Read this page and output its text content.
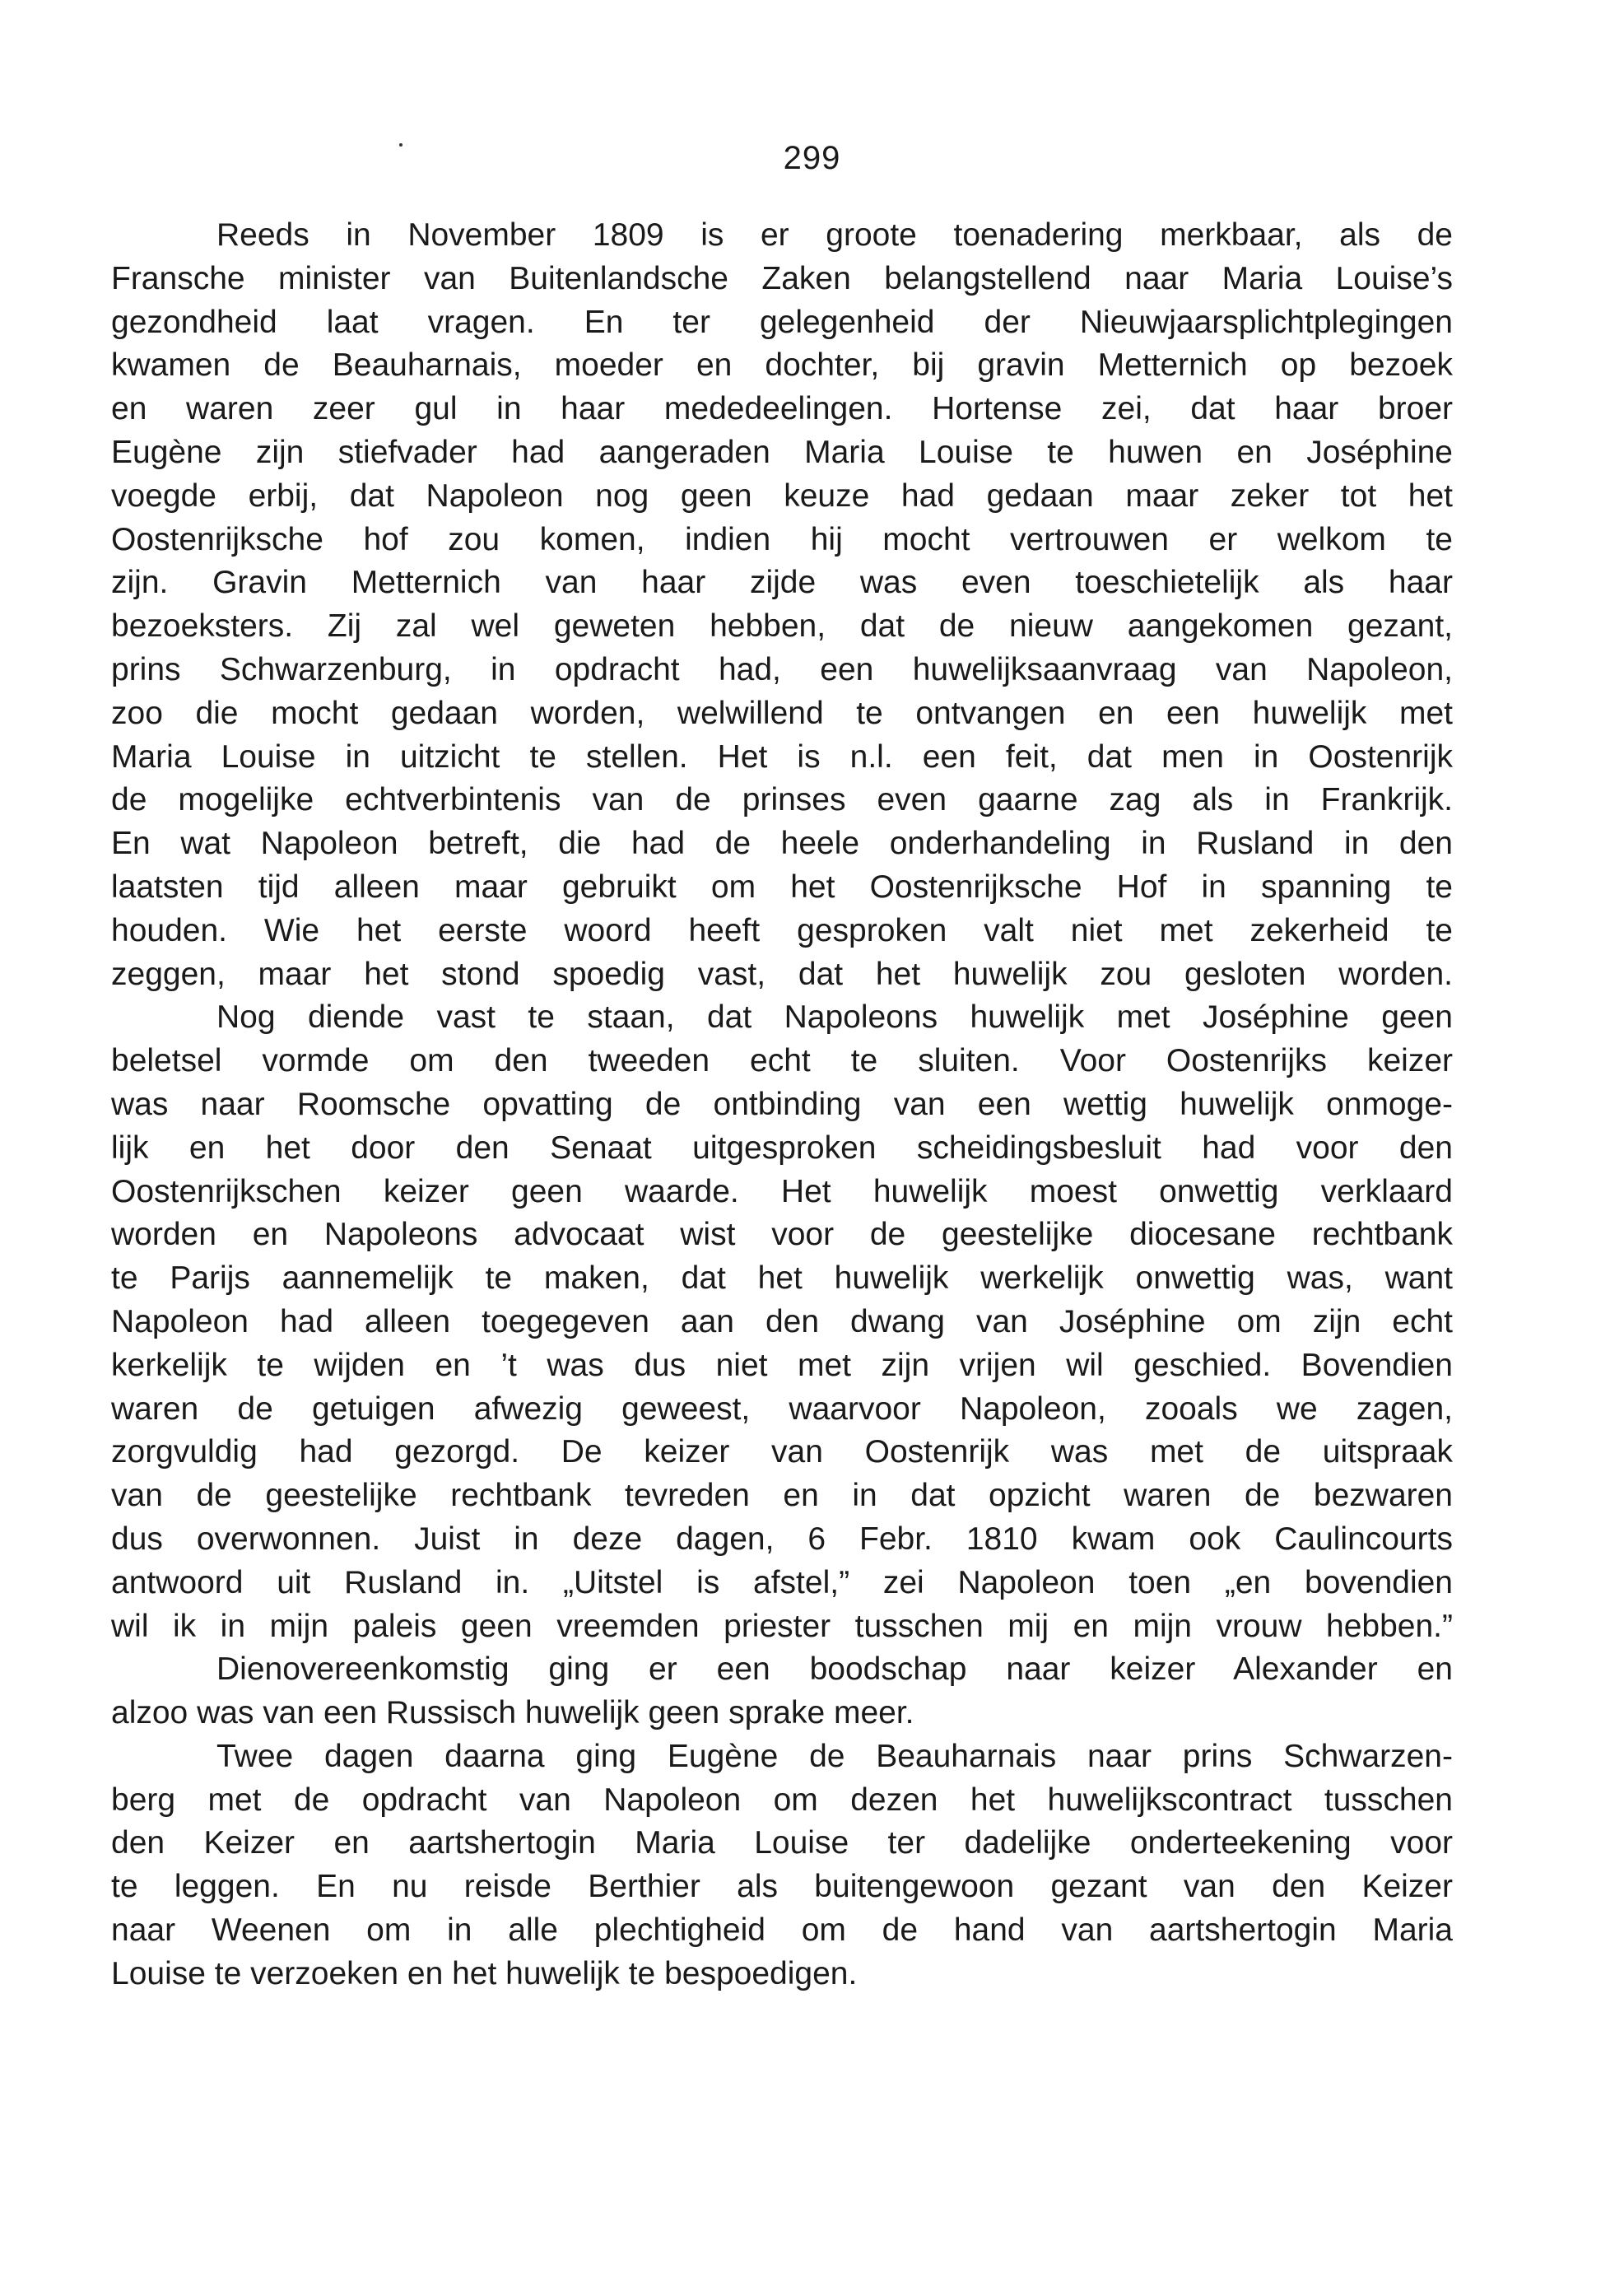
299
Reeds in November 1809 is er groote toenadering merkbaar, als de
Fransche minister van Buitenlandsche Zaken belangstellend naar Maria Louise’s
gezondheid laat vragen. En ter gelegenheid der Nieuwjaarsplichtplegingen
kwamen de Beauharnais, moeder en dochter, bij gravin Metternich op bezoek
en waren zeer gul in haar mededeelingen. Hortense zei, dat haar broer
Eugène zijn stiefvader had aangeraden Maria Louise te huwen en Joséphine
voegde erbij, dat Napoleon nog geen keuze had gedaan maar zeker tot het
Oostenrijksche hof zou komen, indien hij mocht vertrouwen er welkom te
zijn. Gravin Metternich van haar zijde was even toeschietelijk als haar
bezoeksters. Zij zal wel geweten hebben, dat de nieuw aangekomen gezant,
prins Schwarzenburg, in opdracht had, een huwelijksaanvraag van Napoleon,
zoo die mocht gedaan worden, welwillend te ontvangen en een huwelijk met
Maria Louise in uitzicht te stellen. Het is n.l. een feit, dat men in Oostenrijk
de mogelijke echtverbintenis van de prinses even gaarne zag als in Frankrijk.
En wat Napoleon betreft, die had de heele onderhandeling in Rusland in den
laatsten tijd alleen maar gebruikt om het Oostenrijksche Hof in spanning te
houden. Wie het eerste woord heeft gesproken valt niet met zekerheid te
zeggen, maar het stond spoedig vast, dat het huwelijk zou gesloten worden.
Nog diende vast te staan, dat Napoleons huwelijk met Joséphine geen
beletsel vormde om den tweeden echt te sluiten. Voor Oostenrijks keizer
was naar Roomsche opvatting de ontbinding van een wettig huwelijk onmoge-
lijk en het door den Senaat uitgesproken scheidingsbesluit had voor den
Oostenrijkschen keizer geen waarde. Het huwelijk moest onwettig verklaard
worden en Napoleons advocaat wist voor de geestelijke diocesane rechtbank
te Parijs aannemelijk te maken, dat het huwelijk werkelijk onwettig was, want
Napoleon had alleen toegegeven aan den dwang van Joséphine om zijn echt
kerkelijk te wijden en ’t was dus niet met zijn vrijen wil geschied. Bovendien
waren de getuigen afwezig geweest, waarvoor Napoleon, zooals we zagen,
zorgvuldig had gezorgd. De keizer van Oostenrijk was met de uitspraak
van de geestelijke rechtbank tevreden en in dat opzicht waren de bezwaren
dus overwonnen. Juist in deze dagen, 6 Febr. 1810 kwam ook Caulincourts
antwoord uit Rusland in. „Uitstel is afstel,” zei Napoleon toen „en bovendien
wil ik in mijn paleis geen vreemden priester tusschen mij en mijn vrouw hebben.”
Dienovereenkomstig ging er een boodschap naar keizer Alexander en
alzoo was van een Russisch huwelijk geen sprake meer.
Twee dagen daarna ging Eugène de Beauharnais naar prins Schwarzen-
berg met de opdracht van Napoleon om dezen het huwelijkscontract tusschen
den Keizer en aartshertogin Maria Louise ter dadelijke onderteekening voor
te leggen. En nu reisde Berthier als buitengewoon gezant van den Keizer
naar Weenen om in alle plechtigheid om de hand van aartshertogin Maria
Louise te verzoeken en het huwelijk te bespoedigen.
